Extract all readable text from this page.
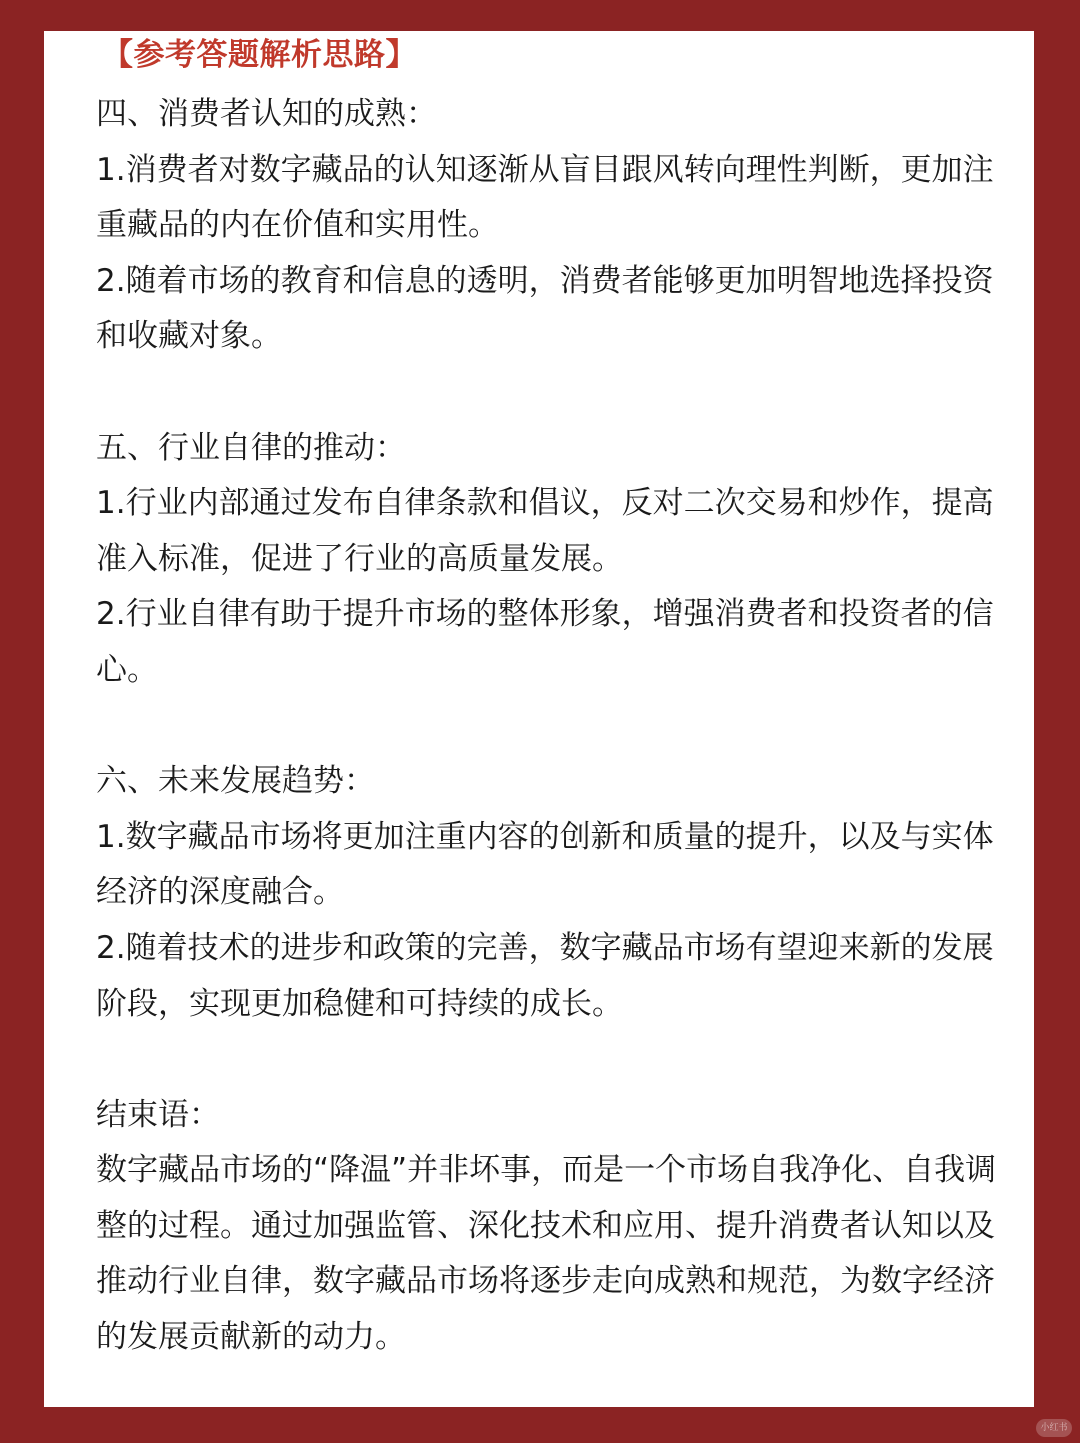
【参考答题解析思路】

四、消费者认知的成熟：

1.消费者对数字藏品的认知逐渐从盲目跟风转向理性判断，更加注重藏品的内在价值和实用性。

2.随着市场的教育和信息的透明，消费者能够更加明智地选择投资和收藏对象。

五、行业自律的推动：

1.行业内部通过发布自律条款和倡议，反对二次交易和炒作，提高准入标准，促进了行业的高质量发展。

2.行业自律有助于提升市场的整体形象，增强消费者和投资者的信心。

六、未来发展趋势：

1.数字藏品市场将更加注重内容的创新和质量的提升，以及与实体经济的深度融合。

2.随着技术的进步和政策的完善，数字藏品市场有望迎来新的发展阶段，实现更加稳健和可持续的成长。

结束语：

数字藏品市场的“降温”并非坏事，而是一个市场自我净化、自我调整的过程。通过加强监管、深化技术和应用、提升消费者认知以及推动行业自律，数字藏品市场将逐步走向成熟和规范，为数字经济的发展贡献新的动力。

小红书
